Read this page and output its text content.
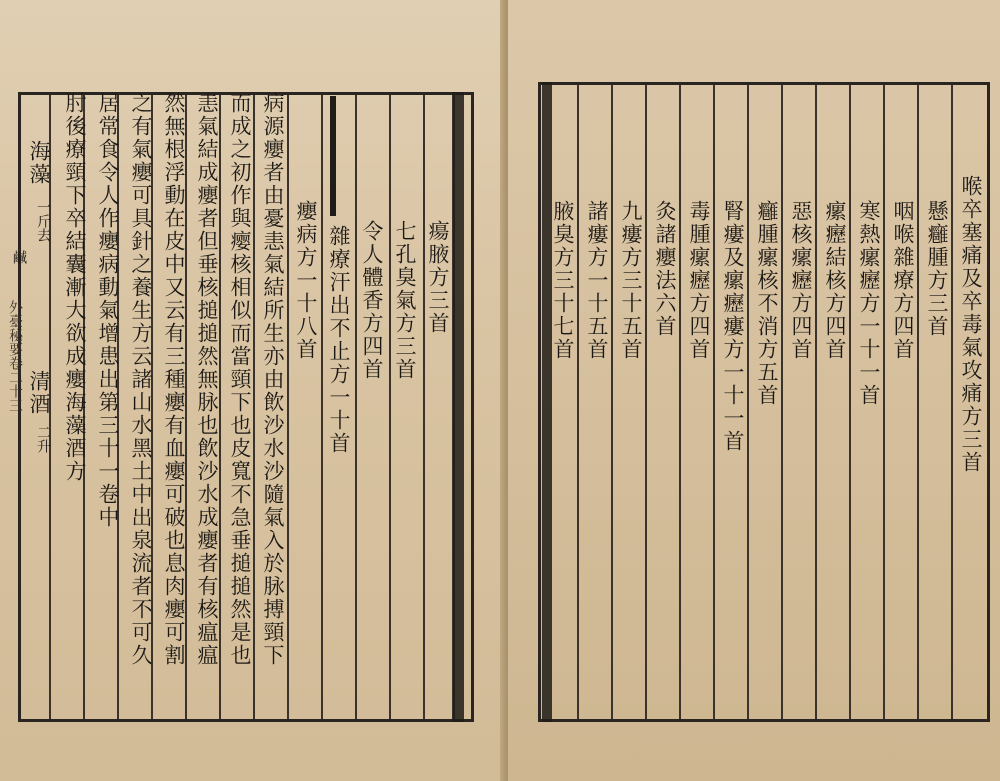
瘍腋方三首
七孔臭氣方三首
令人體香方四首
雜療汗出不止方一十首
癭病方一十八首
病源癭者由憂恚氣結所生亦由飲沙水沙隨氣入於脉搏頸下
而成之初作與瘿核相似而當頸下也皮寬不急垂搥搥然是也
恚氣結成癭者但垂核搥搥然無脉也飲沙水成癭者有核瘟瘟
然無根浮動在皮中又云有三種癭有血癭可破也息肉癭可割
之有氣癭可具針之養生方云諸山水黑土中出泉流者不可久
居常食令人作癭病動氣增患出第三十一卷中
肘後療頸下卒結囊漸大欲成癭海藻酒方
海藻
一斤去
清酒
鹹
二升
外臺秘要卷二十三	喉卒塞痛及卒毒氣攻痛方三首
懸癰腫方三首
咽喉雜療方四首
寒熱瘰癧方一十一首
瘰癧結核方四首
惡核瘰癧方四首
癰腫瘰核不消方五首
腎瘻及瘰癧瘻方一十一首
毒腫瘰癧方四首
灸諸癭法六首
九瘻方三十五首
諸瘻方一十五首
腋臭方三十七首
